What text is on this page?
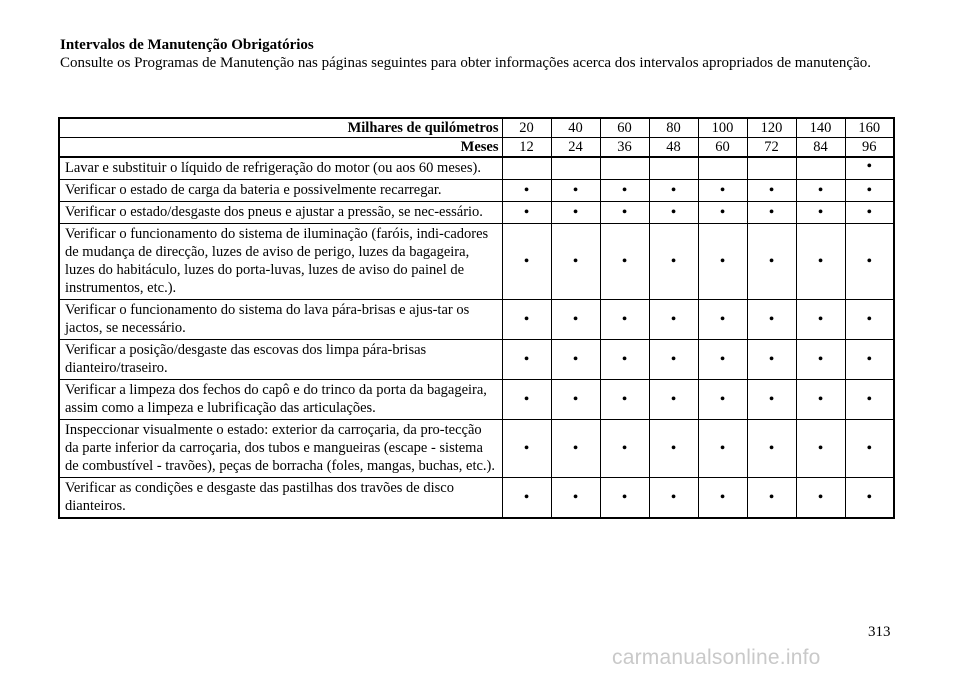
Intervalos de Manutenção Obrigatórios
Consulte os Programas de Manutenção nas páginas seguintes para obter informações acerca dos intervalos apropriados de manutenção.
Milhares de quilómetros	20	40	60	80	100	120	140	160
Meses	12	24	36	48	60	72	84	96
Lavar e substituir o líquido de refrigeração do motor (ou aos 60 meses).								•
Verificar o estado de carga da bateria e possivelmente recarregar.	•	•	•	•	•	•	•	•
Verificar o estado/desgaste dos pneus e ajustar a pressão, se nec-essário.	•	•	•	•	•	•	•	•
Verificar o funcionamento do sistema de iluminação (faróis, indi-cadores de mudança de direcção, luzes de aviso de perigo, luzes da bagageira, luzes do habitáculo, luzes do porta-luvas, luzes de aviso do painel de instrumentos, etc.).	•	•	•	•	•	•	•	•
Verificar o funcionamento do sistema do lava pára-brisas e ajus-tar os jactos, se necessário.	•	•	•	•	•	•	•	•
Verificar a posição/desgaste das escovas dos limpa pára-brisas dianteiro/traseiro.	•	•	•	•	•	•	•	•
Verificar a limpeza dos fechos do capô e do trinco da porta da bagageira, assim como a limpeza e lubrificação das articulações.	•	•	•	•	•	•	•	•
Inspeccionar visualmente o estado: exterior da carroçaria, da pro-tecção da parte inferior da carroçaria, dos tubos e mangueiras (escape - sistema de combustível - travões), peças de borracha (foles, mangas, buchas, etc.).	•	•	•	•	•	•	•	•
Verificar as condições e desgaste das pastilhas dos travões de disco dianteiros.	•	•	•	•	•	•	•	•
313
carmanualsonline.info
